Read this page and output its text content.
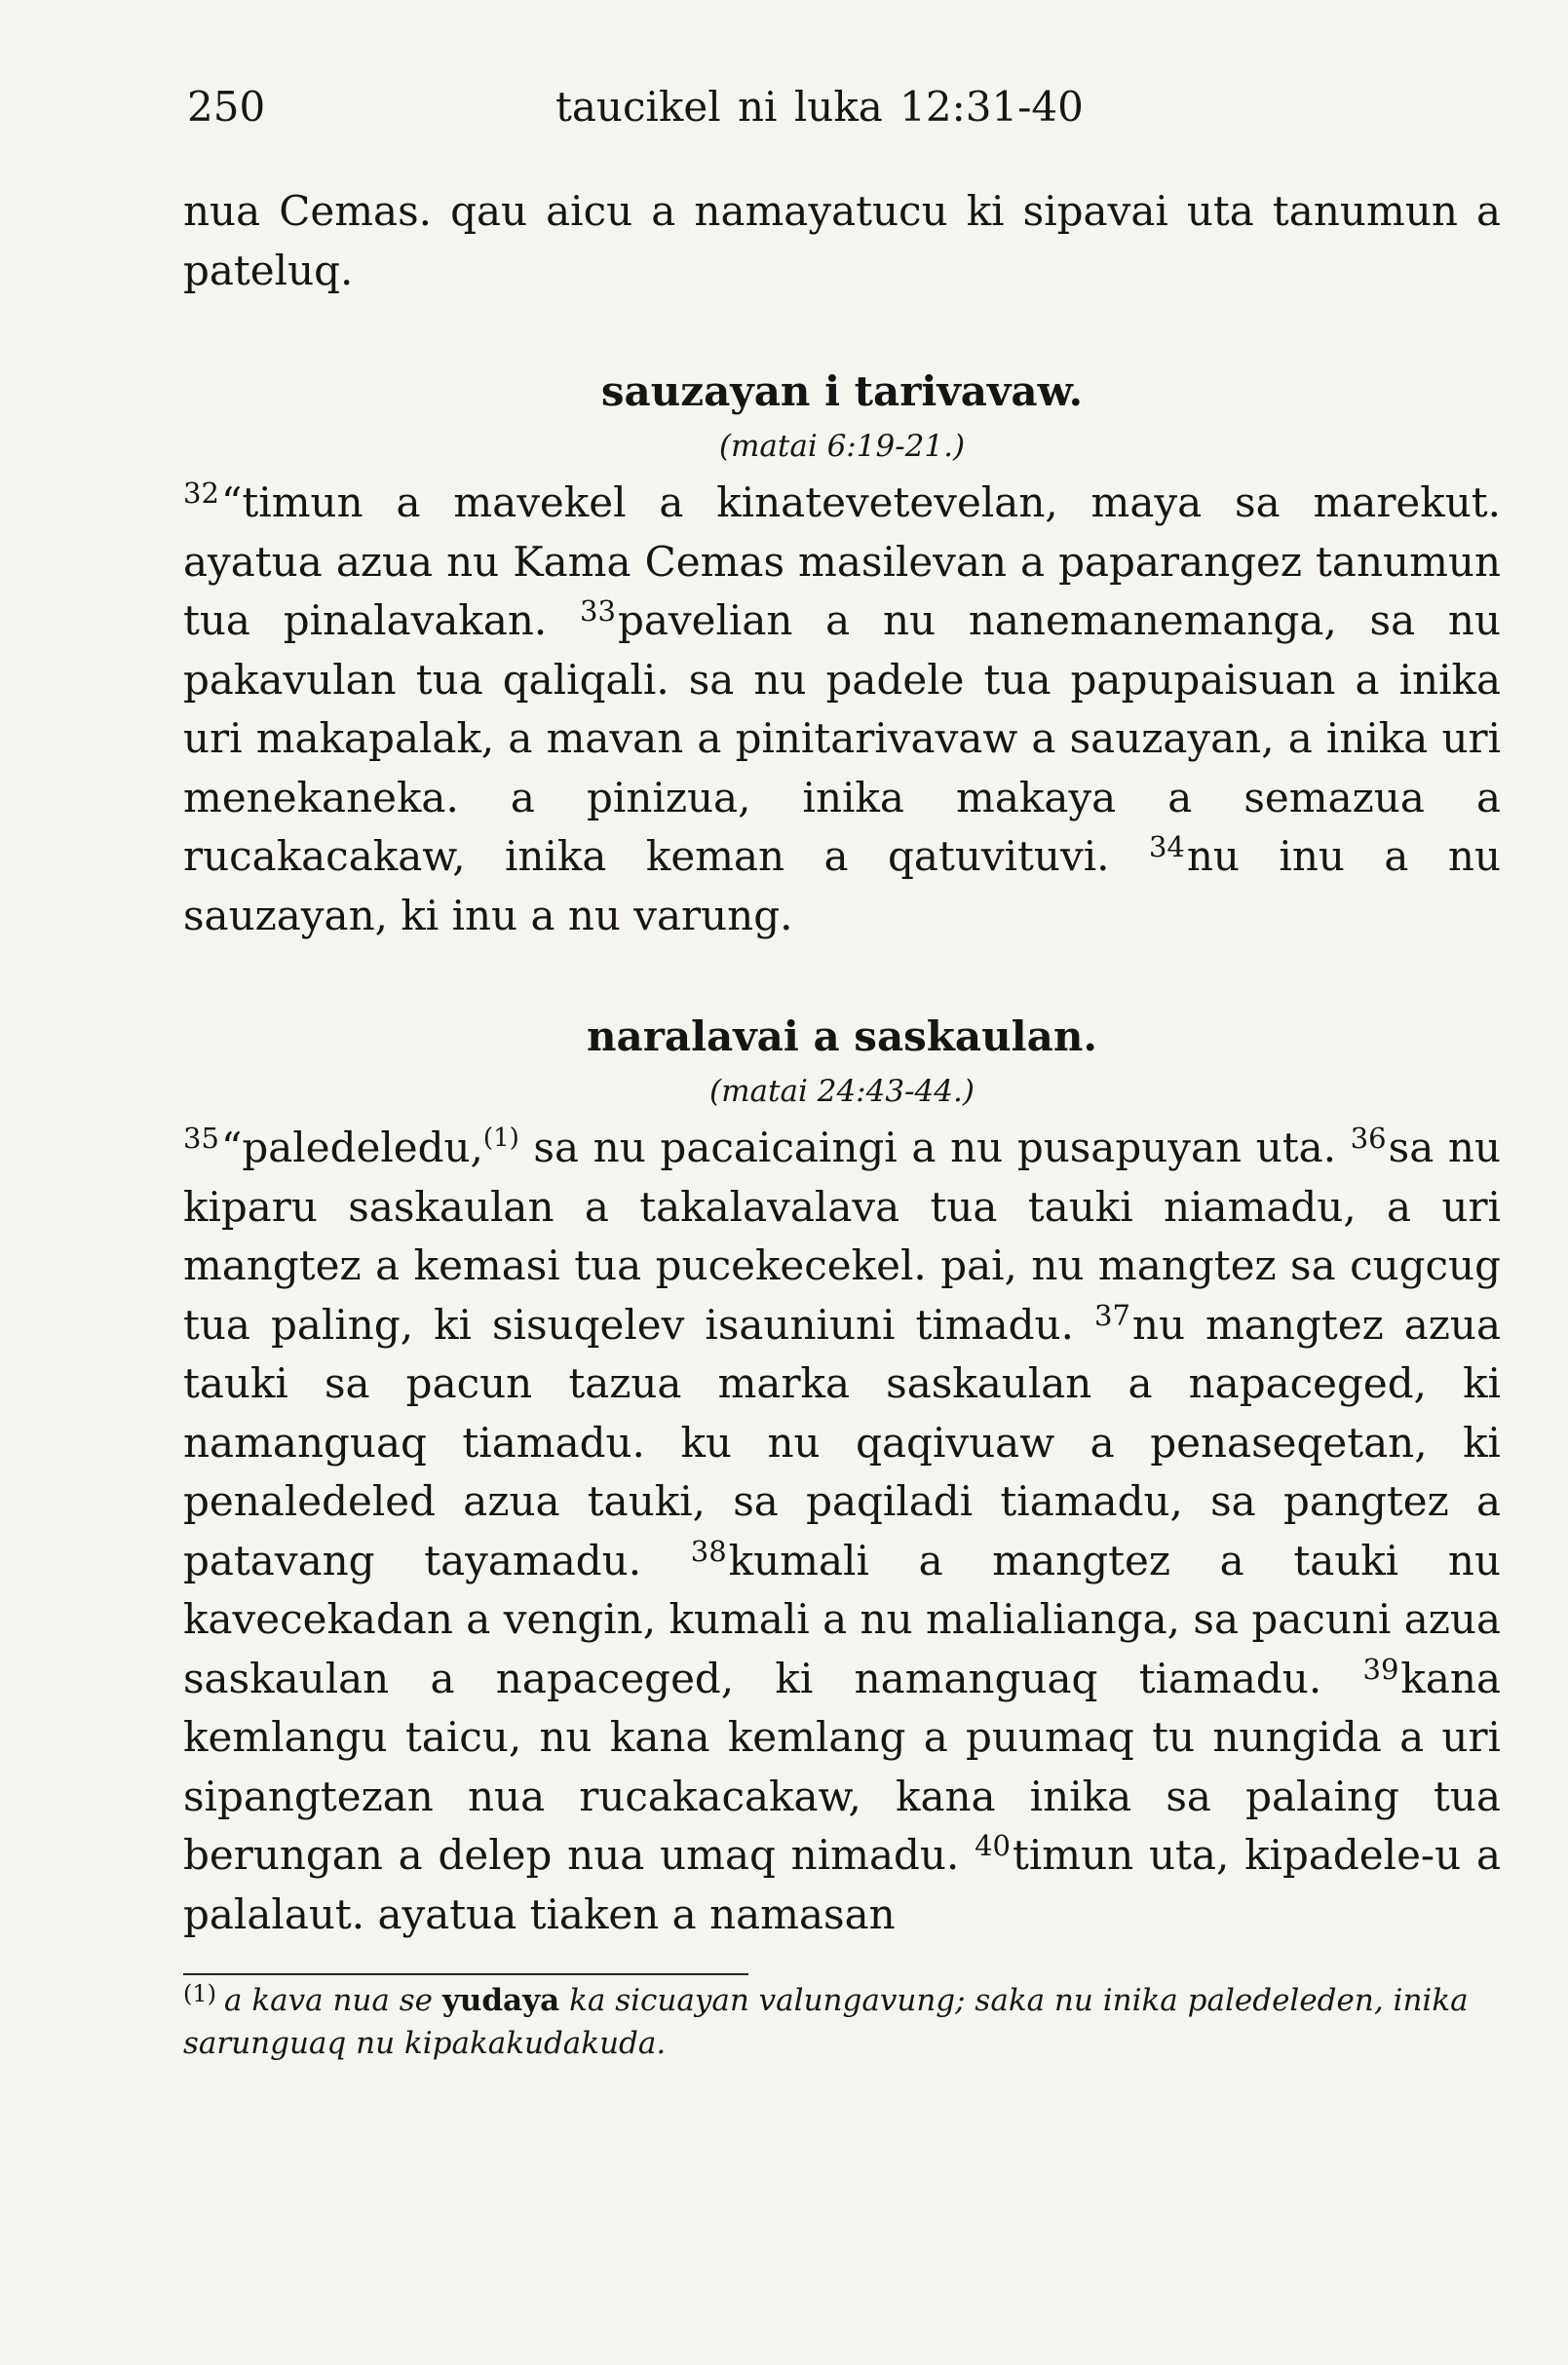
250	taucikel ni luka 12:31-40

nua Cemas. qau aicu a namayatucu ki sipavai uta tanumun a pateluq.

sauzayan i tarivavaw.

(matai 6:19-21.)

$^{32}$“timun a mavekel a kinatevetevelan, maya sa marekut. ayatua azua nu Kama Cemas masilevan a paparangez tanumun tua pinalavakan. $^{33}$pavelian a nu nanemanemanga, sa nu pakavulan tua qaliqali. sa nu padele tua papupaisuan a inika uri makapalak, a mavan a pinitarivavaw a sauzayan, a inika uri menekaneka. a pinizua, inika makaya a semazua a rucakacakaw, inika keman a qatuvituvi. $^{34}$nu inu a nu sauzayan, ki inu a nu varung.

naralavai a saskaulan.

(matai 24:43-44.)

$^{35}$“paledeledu,$^{(1)}$ sa nu pacaicaingi a nu pusapuyan uta. $^{36}$sa nu kiparu saskaulan a takalavalava tua tauki niamadu, a uri mangtez a kemasi tua pucekecekel. pai, nu mangtez sa cugcug tua paling, ki sisuqelev isauniuni timadu. $^{37}$nu mangtez azua tauki sa pacun tazua marka saskaulan a napaceged, ki namanguaq tiamadu. ku nu qaqivuaw a penaseqetan, ki penaledeled azua tauki, sa paqiladi tiamadu, sa pangtez a patavang tayamadu. $^{38}$kumali a mangtez a tauki nu kavecekadan a vengin, kumali a nu malialianga, sa pacuni azua saskaulan a napaceged, ki namanguaq tiamadu. $^{39}$kana kemlangu taicu, nu kana kemlang a puumaq tu nungida a uri sipangtezan nua rucakacakaw, kana inika sa palaing tua berungan a delep nua umaq nimadu. $^{40}$timun uta, kipadele-u a palalaut. ayatua tiaken a namasan

$^{(1)}$ a kava nua se yudaya ka sicuayan valungavung; saka nu inika paledeleden, inika sarunguaq nu kipakakudakuda.
